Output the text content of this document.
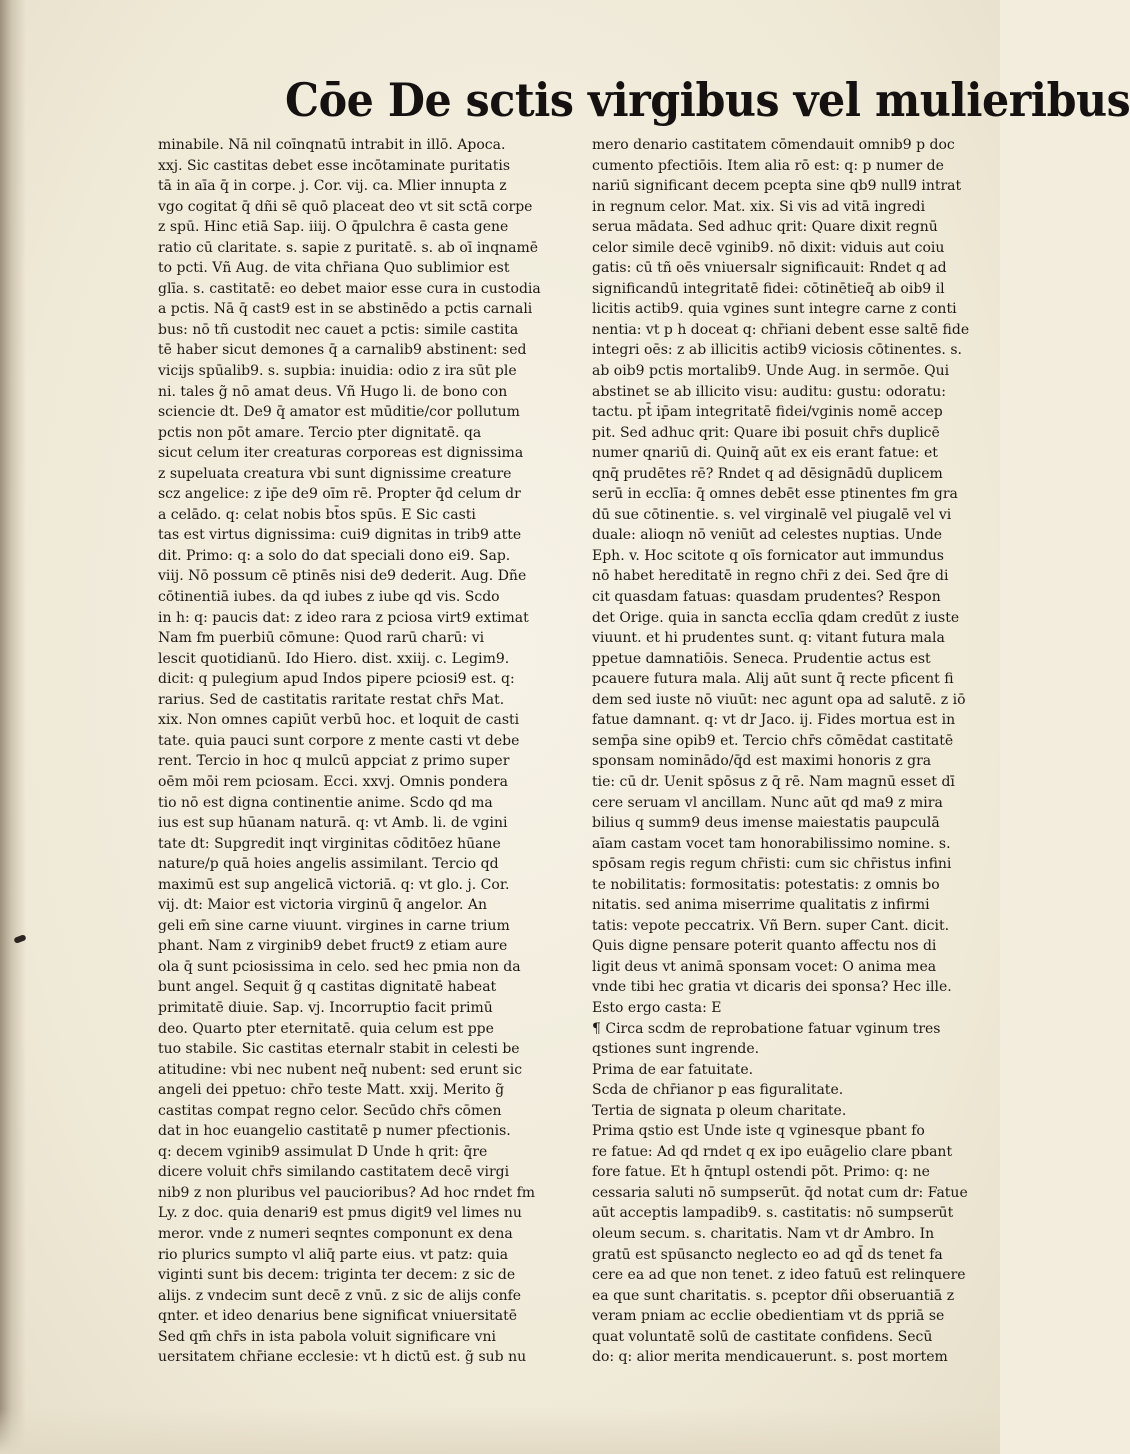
Cōe De sctis virgibus vel mulieribus
minabile. Nā nil coīnqnatū intrabit in illō. Apoca.
xxj. Sic castitas debet esse incōtaminate puritatis
tā in aīa q̄ in corpe. j. Cor. vij. ca. Mlier innupta z
vgo cogitat q̄ dñi sē quō placeat deo vt sit sctā corpe
z spū. Hinc etiā Sap. iiij. O q̄pulchra ē casta gene
ratio cū claritate. s. sapie z puritatē. s. ab oī inqnamē
to pcti. Vñ Aug. de vita chr̄iana Quo sublimior est
glīa. s. castitatē: eo debet maior esse cura in custodia
a pctis. Nā q̄ cast9 est in se abstinēdo a pctis carnali
bus: nō tñ custodit nec cauet a pctis: simile castita
tē haber sicut demones q̄ a carnalib9 abstinent: sed
vicijs spūalib9. s. supbia: inuidia: odio z ira sūt ple
ni. tales g̃ nō amat deus. Vñ Hugo li. de bono con
sciencie dt. De9 q̄ amator est mūditie/cor pollutum
pctis non pōt amare. Tercio pter dignitatē. qa
sicut celum iter creaturas corporeas est dignissima
z supeluata creatura vbi sunt dignissime creature
scz angelice: z ip̄e de9 oīm rē. Propter q̄d celum dr
a celādo. q: celat nobis bt̄os spūs. E Sic casti
tas est virtus dignissima: cui9 dignitas in trib9 atte
dit. Primo: q: a solo do dat speciali dono ei9. Sap.
viij. Nō possum cē ptinēs nisi de9 dederit. Aug. Dñe
cōtinentiā iubes. da qd iubes z iube qd vis. Scdo
in h: q: paucis dat: z ideo rara z pciosa virt9 extimat
Nam fm puerbiū cōmune: Quod rarū charū: vi
lescit quotidianū. Ido Hiero. dist. xxiij. c. Legim9.
dicit: q pulegium apud Indos pipere pciosi9 est. q:
rarius. Sed de castitatis raritate restat chr̄s Mat.
xix. Non omnes capiūt verbū hoc. et loquit de casti
tate. quia pauci sunt corpore z mente casti vt debe
rent. Tercio in hoc q mulcū appciat z primo super
oēm mōi rem pciosam. Ecci. xxvj. Omnis pondera
tio nō est digna continentie anime. Scdo qd ma
ius est sup hūanam naturā. q: vt Amb. li. de vgini
tate dt: Supgredit inqt virginitas cōditōez hūane
nature/p quā hoies angelis assimilant. Tercio qd
maximū est sup angelicā victoriā. q: vt glo. j. Cor.
vij. dt: Maior est victoria virginū q̄ angelor. An
geli em̄ sine carne viuunt. virgines in carne trium
phant. Nam z virginib9 debet fruct9 z etiam aure
ola q̄ sunt pciosissima in celo. sed hec pmia non da
bunt angel. Sequit g̃ q castitas dignitatē habeat
primitatē diuie. Sap. vj. Incorruptio facit primū
deo. Quarto pter eternitatē. quia celum est ppe
tuo stabile. Sic castitas eternalr stabit in celesti be
atitudine: vbi nec nubent neq̄ nubent: sed erunt sic
angeli dei ppetuo: chr̄o teste Matt. xxij. Merito g̃
castitas compat regno celor. Secūdo chr̄s cōmen
dat in hoc euangelio castitatē p numer pfectionis.
q: decem vginib9 assimulat D Unde h qrit: q̄re
dicere voluit chr̄s similando castitatem decē virgi
nib9 z non pluribus vel paucioribus? Ad hoc rndet fm
Ly. z doc. quia denari9 est pmus digit9 vel limes nu
meror. vnde z numeri seqntes componunt ex dena
rio plurics sumpto vl aliq̄ parte eius. vt patz: quia
viginti sunt bis decem: triginta ter decem: z sic de
alijs. z vndecim sunt decē z vnū. z sic de alijs confe
qnter. et ideo denarius bene significat vniuersitatē
Sed qm̄ chr̄s in ista pabola voluit significare vni
uersitatem chr̄iane ecclesie: vt h dictū est. g̃ sub nu
mero denario castitatem cōmendauit omnib9 p doc
cumento pfectiōis. Item alia rō est: q: p numer de
nariū significant decem pcepta sine qb9 null9 intrat
in regnum celor. Mat. xix. Si vis ad vitā ingredi
serua mādata. Sed adhuc qrit: Quare dixit regnū
celor simile decē vginib9. nō dixit: viduis aut coiu
gatis: cū tñ oēs vniuersalr significauit: Rndet q ad
significandū integritatē fidei: cōtinētieq̄ ab oib9 il
licitis actib9. quia vgines sunt integre carne z conti
nentia: vt p h doceat q: chr̄iani debent esse saltē fide
integri oēs: z ab illicitis actib9 viciosis cōtinentes. s.
ab oib9 pctis mortalib9. Unde Aug. in sermōe. Qui
abstinet se ab illicito visu: auditu: gustu: odoratu:
tactu. pt̄ ip̄am integritatē fidei/vginis nomē accep
pit. Sed adhuc qrit: Quare ibi posuit chr̄s duplicē
numer qnariū di. Quinq̄ aūt ex eis erant fatue: et
qnq̄ prudētes rē? Rndet q ad dēsignādū duplicem
serū in ecclīa: q̄ omnes debēt esse ptinentes fm gra
dū sue cōtinentie. s. vel virginalē vel piugalē vel vi
duale: alioqn nō veniūt ad celestes nuptias. Unde
Eph. v. Hoc scitote q oīs fornicator aut immundus
nō habet hereditatē in regno chr̄i z dei. Sed q̄re di
cit quasdam fatuas: quasdam prudentes? Respon
det Orige. quia in sancta ecclīa qdam credūt z iuste
viuunt. et hi prudentes sunt. q: vitant futura mala
ppetue damnatiōis. Seneca. Prudentie actus est
pcauere futura mala. Alij aūt sunt q̄ recte pficent fi
dem sed iuste nō viuūt: nec agunt opa ad salutē. z iō
fatue damnant. q: vt dr Jaco. ij. Fides mortua est in
semp̄a sine opib9 et. Tercio chr̄s cōmēdat castitatē
sponsam nominādo/q̄d est maximi honoris z gra
tie: cū dr. Uenit spōsus z q̄ rē. Nam magnū esset dī
cere seruam vl ancillam. Nunc aūt qd ma9 z mira
bilius q summ9 deus imense maiestatis paupculā
aīam castam vocet tam honorabilissimo nomine. s.
spōsam regis regum chr̄isti: cum sic chr̄istus infini
te nobilitatis: formositatis: potestatis: z omnis bo
nitatis. sed anima miserrime qualitatis z infirmi
tatis: vepote peccatrix. Vñ Bern. super Cant. dicit.
Quis digne pensare poterit quanto affectu nos di
ligit deus vt animā sponsam vocet: O anima mea
vnde tibi hec gratia vt dicaris dei sponsa? Hec ille.
Esto ergo casta: E
¶ Circa scdm de reprobatione fatuar vginum tres
qstiones sunt ingrende.
Prima de ear fatuitate.
Scda de chr̄ianor p eas figuralitate.
Tertia de signata p oleum charitate.
Prima qstio est Unde iste q vginesque pbant fo
re fatue: Ad qd rndet q ex ipo euāgelio clare pbant
fore fatue. Et h q̄ntupl ostendi pōt. Primo: q: ne
cessaria saluti nō sumpserūt. q̄d notat cum dr: Fatue
aūt acceptis lampadib9. s. castitatis: nō sumpserūt
oleum secum. s. charitatis. Nam vt dr Ambro. In
gratū est spūsancto neglecto eo ad qd̄ ds tenet fa
cere ea ad que non tenet. z ideo fatuū est relinquere
ea que sunt charitatis. s. pceptor dñi obseruantiā z
veram pniam ac ecclie obedientiam vt ds ppriā se
quat voluntatē solū de castitate confidens. Secū
do: q: alior merita mendicauerunt. s. post mortem
